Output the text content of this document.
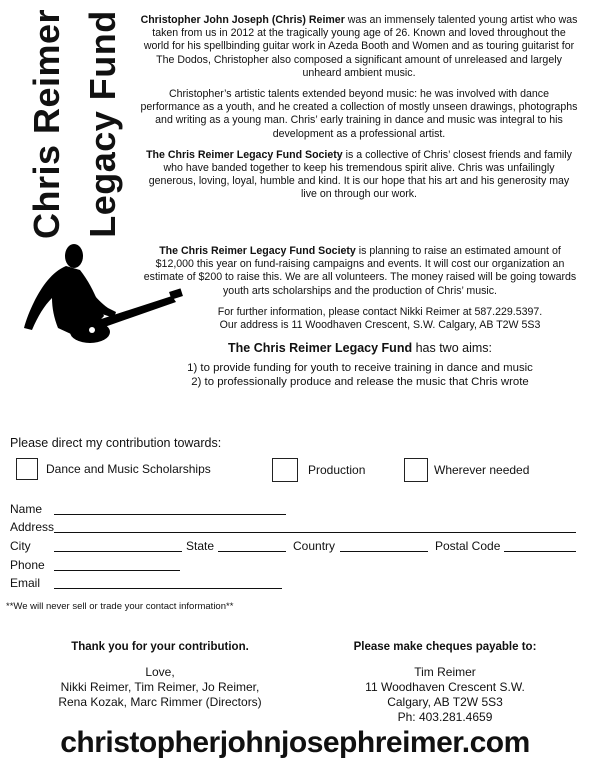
Chris Reimer Legacy Fund Christopher John Joseph (Chris) Reimer was an immensely talented young artist who was taken from us in 2012 at the tragically young age of 26. Known and loved throughout the world for his spellbinding guitar work in Azeda Booth and Women and as touring guitarist for The Dodos, Christopher also composed a significant amount of unreleased and largely unheard ambient music.

Christopher’s artistic talents extended beyond music: he was involved with dance performance as a youth, and he created a collection of mostly unseen drawings, photographs and writing as a young man. Chris’ early training in dance and music was integral to his development as a professional artist.

The Chris Reimer Legacy Fund Society is a collective of Chris’ closest friends and family who have banded together to keep his tremendous spirit alive. Chris was unfailingly generous, loving, loyal, humble and kind. It is our hope that his art and his generosity may live on through our work.

The Chris Reimer Legacy Fund Society is planning to raise an estimated amount of $12,000 this year on fund-raising campaigns and events. It will cost our organization an estimate of $200 to raise this. We are all volunteers. The money raised will be going towards youth arts scholarships and the production of Chris’ music.

For further information, please contact Nikki Reimer at 587.229.5397.
Our address is 11 Woodhaven Crescent, S.W. Calgary, AB T2W 5S3

The Chris Reimer Legacy Fund has two aims:

1) to provide funding for youth to receive training in dance and music
2) to professionally produce and release the music that Chris wrote

Please direct my contribution towards:

Dance and Music Scholarships	Production	Wherever needed
Name
Address
City	State	Country	Postal Code
Phone
Email
**We will never sell or trade your contact information**
Thank you for your contribution.
Love,
Nikki Reimer, Tim Reimer, Jo Reimer,
Rena Kozak, Marc Rimmer (Directors)
Please make cheques payable to:
Tim Reimer
11 Woodhaven Crescent S.W.
Calgary, AB T2W 5S3
Ph: 403.281.4659
christopherjohnjosephreimer.com
